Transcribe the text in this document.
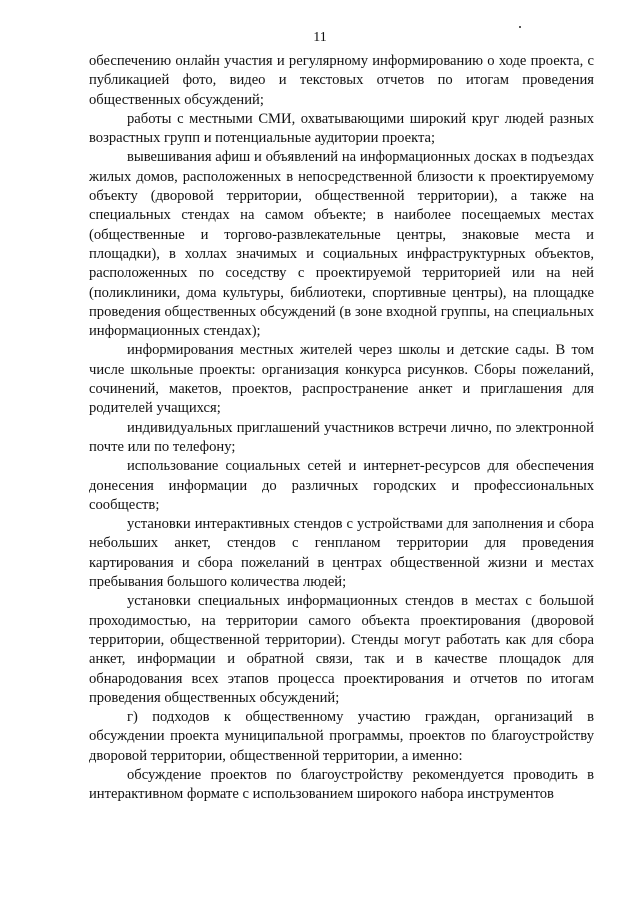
11

обеспечению онлайн участия и регулярному информированию о ходе проекта, с публикацией фото, видео и текстовых отчетов по итогам проведения общественных обсуждений;

работы с местными СМИ, охватывающими широкий круг людей разных возрастных групп и потенциальные аудитории проекта;

вывешивания афиш и объявлений на информационных досках в подъездах жилых домов, расположенных в непосредственной близости к проектируемому объекту (дворовой территории, общественной территории), а также на специальных стендах на самом объекте; в наиболее посещаемых местах (общественные и торгово-развлекательные центры, знаковые места и площадки), в холлах значимых и социальных инфраструктурных объектов, расположенных по соседству с проектируемой территорией или на ней (поликлиники, дома культуры, библиотеки, спортивные центры), на площадке проведения общественных обсуждений (в зоне входной группы, на специальных информационных стендах);

информирования местных жителей через школы и детские сады. В том числе школьные проекты: организация конкурса рисунков. Сборы пожеланий, сочинений, макетов, проектов, распространение анкет и приглашения для родителей учащихся;

индивидуальных приглашений участников встречи лично, по электронной почте или по телефону;

использование социальных сетей и интернет-ресурсов для обеспечения донесения информации до различных городских и профессиональных сообществ;

установки интерактивных стендов с устройствами для заполнения и сбора небольших анкет, стендов с генпланом территории для проведения картирования и сбора пожеланий в центрах общественной жизни и местах пребывания большого количества людей;

установки специальных информационных стендов в местах с большой проходимостью, на территории самого объекта проектирования (дворовой территории, общественной территории). Стенды могут работать как для сбора анкет, информации и обратной связи, так и в качестве площадок для обнародования всех этапов процесса проектирования и отчетов по итогам проведения общественных обсуждений;

г) подходов к общественному участию граждан, организаций в обсуждении проекта муниципальной программы, проектов по благоустройству дворовой территории, общественной территории, а именно:

обсуждение проектов по благоустройству рекомендуется проводить в интерактивном формате с использованием широкого набора инструментов
